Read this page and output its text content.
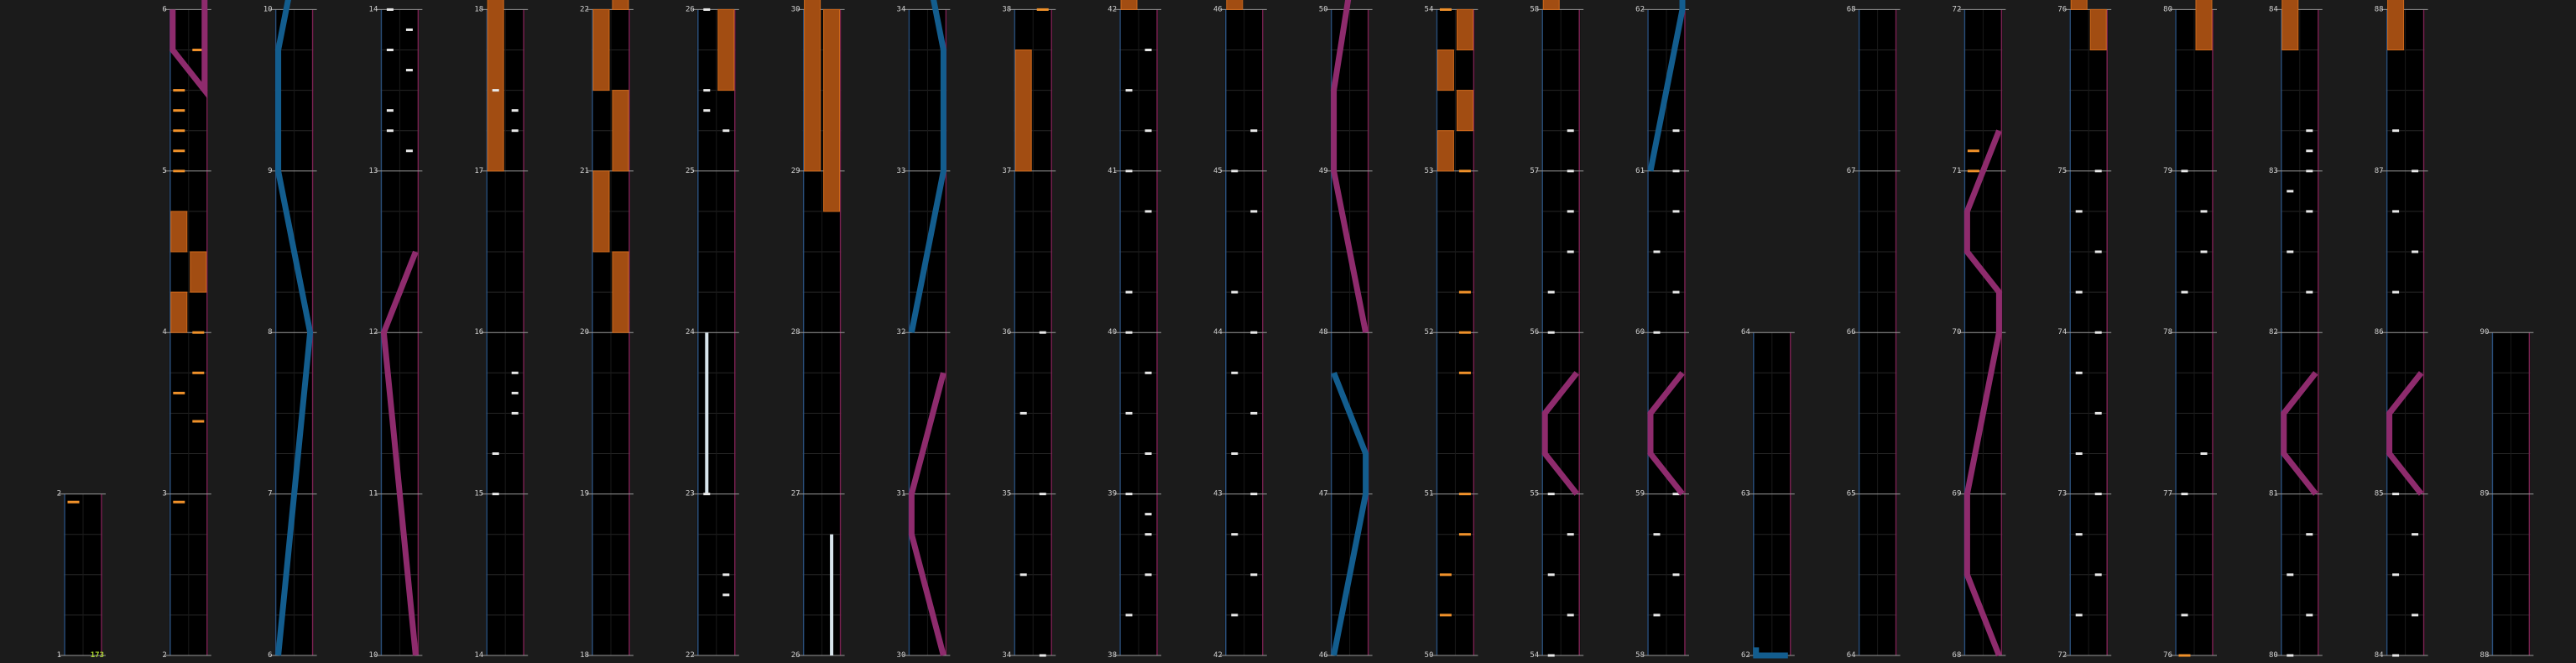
1
2
2
3
4
5
6
6
7
8
9
10
10
11
12
13
14
14
15
16
17
18
18
19
20
21
22
22
23
24
25
26
26
27
28
29
30
30
31
32
33
34
34
35
36
37
38
38
39
40
41
42
42
43
44
45
46
46
47
48
49
50
50
51
52
53
54
54
55
56
57
58
58
59
60
61
62
62
63
64
64
65
66
67
68
68
69
70
71
72
72
73
74
75
76
76
77
78
79
80
80
81
82
83
84
84
85
86
87
88
88
89
90
173
